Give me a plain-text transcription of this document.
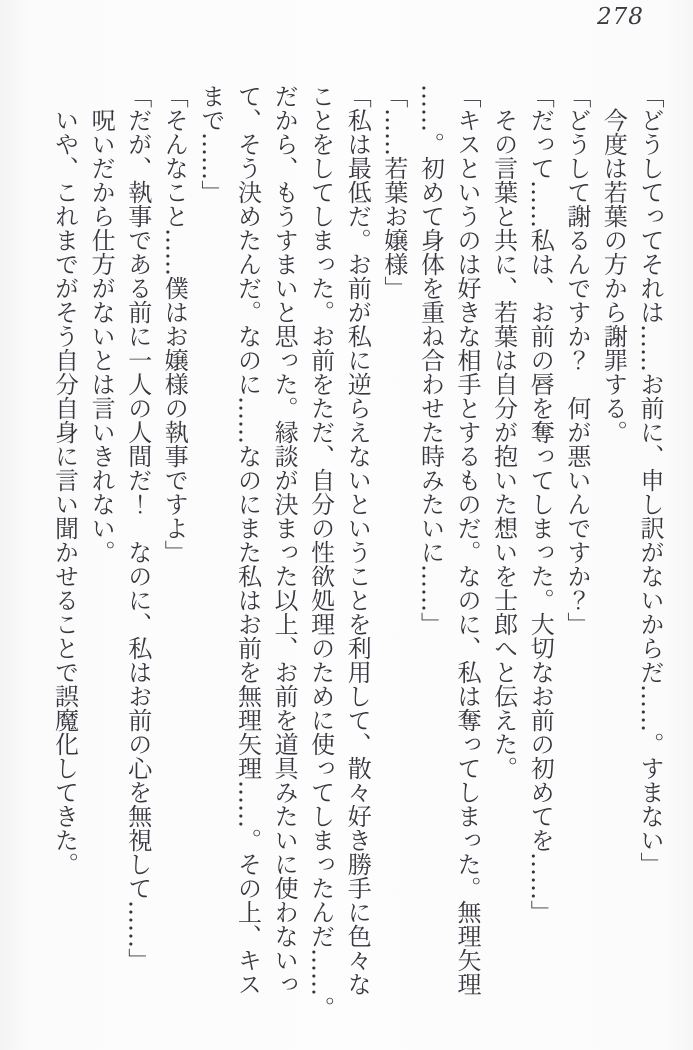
278

「どうしてってそれは……お前に、申し訳がないからだ……。すまない」

今度は若葉の方から謝罪する。

「どうして謝るんですか？　何が悪いんですか？」

「だって……私は、お前の唇を奪ってしまった。大切なお前の初めてを……」

その言葉と共に、若葉は自分が抱いた想いを士郎へと伝えた。

「キスというのは好きな相手とするものだ。なのに、私は奪ってしまった。無理矢理

……。初めて身体を重ね合わせた時みたいに……」

「……若葉お嬢様」

「私は最低だ。お前が私に逆らえないということを利用して、散々好き勝手に色々な

ことをしてしまった。お前をただ、自分の性欲処理のために使ってしまったんだ……。

だから、もうすまいと思った。縁談が決まった以上、お前を道具みたいに使わないっ

て、そう決めたんだ。なのに……なのにまた私はお前を無理矢理……。その上、キス

まで……」

「そんなこと……僕はお嬢様の執事ですよ」

「だが、執事である前に一人の人間だ！　なのに、私はお前の心を無視して……」

呪いだから仕方がないとは言いきれない。

いや、これまでがそう自分自身に言い聞かせることで誤魔化してきた。
